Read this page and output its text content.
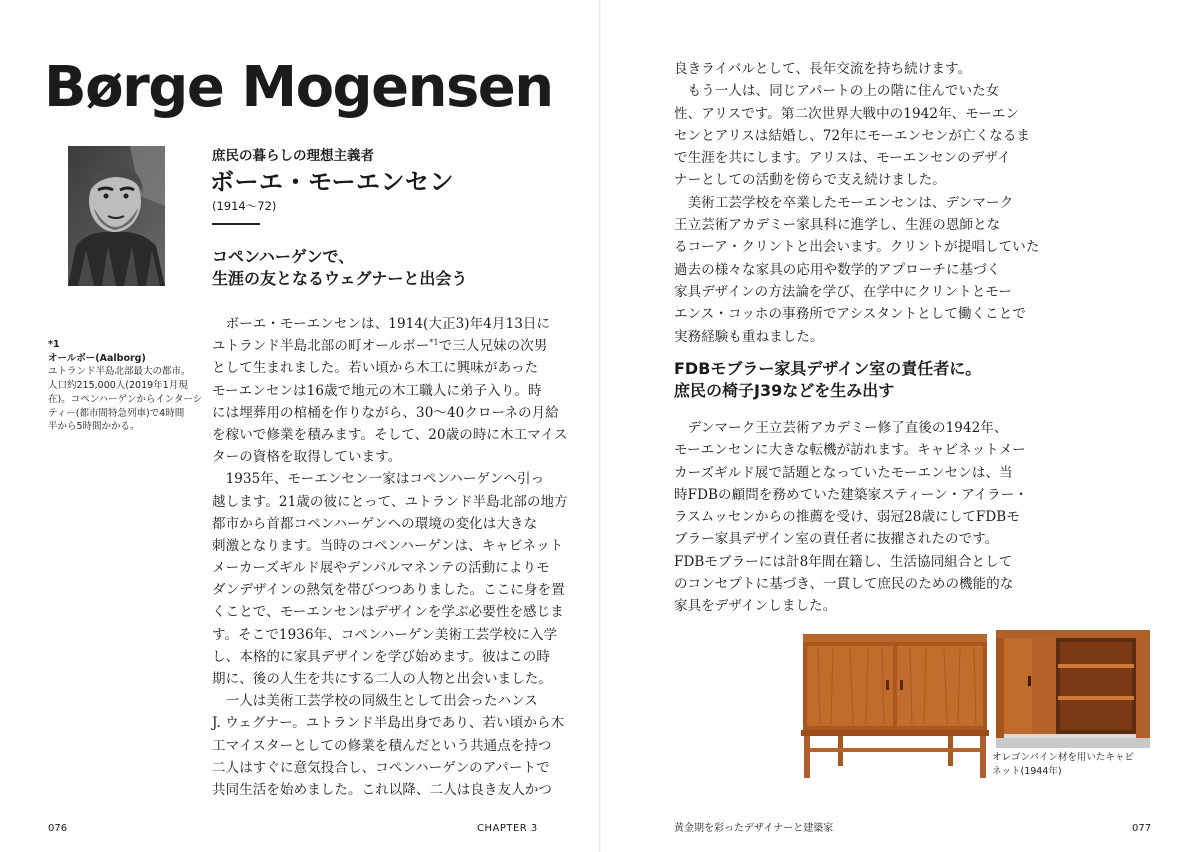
Børge Mogensen
庶民の暮らしの理想主義者
ボーエ・モーエンセン
(1914〜72)
コペンハーゲンで、
生涯の友となるウェグナーと出会う
*1
オールボー(Aalborg)
ユトランド半島北部最大の都市。
人口約215,000人(2019年1月現
在)。コペンハーゲンからインターシ
ティー(都市間特急列車)で4時間
半から5時間かかる。
　ボーエ・モーエンセンは、1914(大正3)年4月13日に
ユトランド半島北部の町オールボー$^{*1}$で三人兄妹の次男
として生まれました。若い頃から木工に興味があった
モーエンセンは16歳で地元の木工職人に弟子入り。時
には埋葬用の棺桶を作りながら、30〜40クローネの月給
を稼いで修業を積みます。そして、20歳の時に木工マイス
ターの資格を取得しています。
　1935年、モーエンセン一家はコペンハーゲンへ引っ
越します。21歳の彼にとって、ユトランド半島北部の地方
都市から首都コペンハーゲンへの環境の変化は大きな
刺激となります。当時のコペンハーゲンは、キャビネット
メーカーズギルド展やデンパルマネンテの活動によりモ
ダンデザインの熱気を帯びつつありました。ここに身を置
くことで、モーエンセンはデザインを学ぶ必要性を感じま
す。そこで1936年、コペンハーゲン美術工芸学校に入学
し、本格的に家具デザインを学び始めます。彼はこの時
期に、後の人生を共にする二人の人物と出会いました。
　一人は美術工芸学校の同級生として出会ったハンス
J. ウェグナー。ユトランド半島出身であり、若い頃から木
工マイスターとしての修業を積んだという共通点を持つ
二人はすぐに意気投合し、コペンハーゲンのアパートで
共同生活を始めました。これ以降、二人は良き友人かつ
良きライバルとして、長年交流を持ち続けます。
　もう一人は、同じアパートの上の階に住んでいた女
性、アリスです。第二次世界大戦中の1942年、モーエン
センとアリスは結婚し、72年にモーエンセンが亡くなるま
で生涯を共にします。アリスは、モーエンセンのデザイ
ナーとしての活動を傍らで支え続けました。
　美術工芸学校を卒業したモーエンセンは、デンマーク
王立芸術アカデミー家具科に進学し、生涯の恩師とな
るコーア・クリントと出会います。クリントが提唱していた
過去の様々な家具の応用や数学的アプローチに基づく
家具デザインの方法論を学び、在学中にクリントとモー
エンス・コッホの事務所でアシスタントとして働くことで
実務経験も重ねました。
FDBモブラー家具デザイン室の責任者に。
庶民の椅子J39などを生み出す
　デンマーク王立芸術アカデミー修了直後の1942年、
モーエンセンに大きな転機が訪れます。キャビネットメー
カーズギルド展で話題となっていたモーエンセンは、当
時FDBの顧問を務めていた建築家スティーン・アイラー・
ラスムッセンからの推薦を受け、弱冠28歳にしてFDBモ
ブラー家具デザイン室の責任者に抜擢されたのです。
FDBモブラーには計8年間在籍し、生活協同組合として
のコンセプトに基づき、一貫して庶民のための機能的な
家具をデザインしました。
オレゴンパイン材を用いたキャビ
ネット(1944年)
076	CHAPTER 3	黄金期を彩ったデザイナーと建築家	077
